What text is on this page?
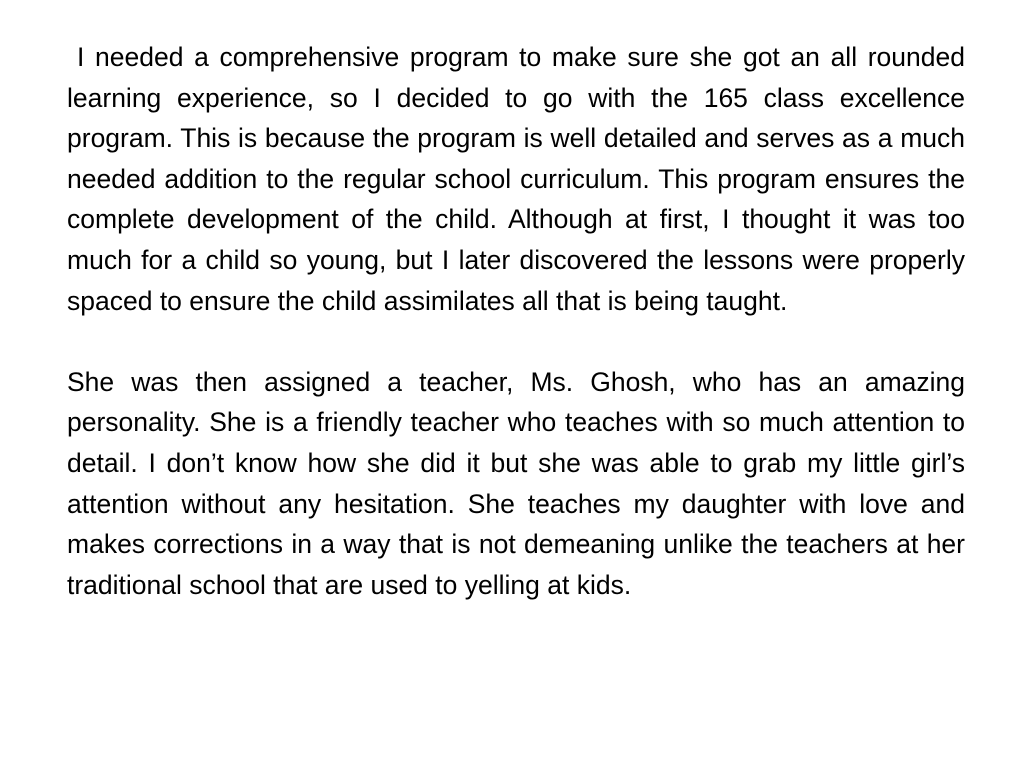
I needed a comprehensive program to make sure she got an all rounded learning experience, so I decided to go with the 165 class excellence program. This is because the program is well detailed and serves as a much needed addition to the regular school curriculum. This program ensures the complete development of the child. Although at first, I thought it was too much for a child so young, but I later discovered the lessons were properly spaced to ensure the child assimilates all that is being taught.

She was then assigned a teacher, Ms. Ghosh, who has an amazing personality. She is a friendly teacher who teaches with so much attention to detail. I don’t know how she did it but she was able to grab my little girl’s attention without any hesitation. She teaches my daughter with love and makes corrections in a way that is not demeaning unlike the teachers at her traditional school that are used to yelling at kids.
